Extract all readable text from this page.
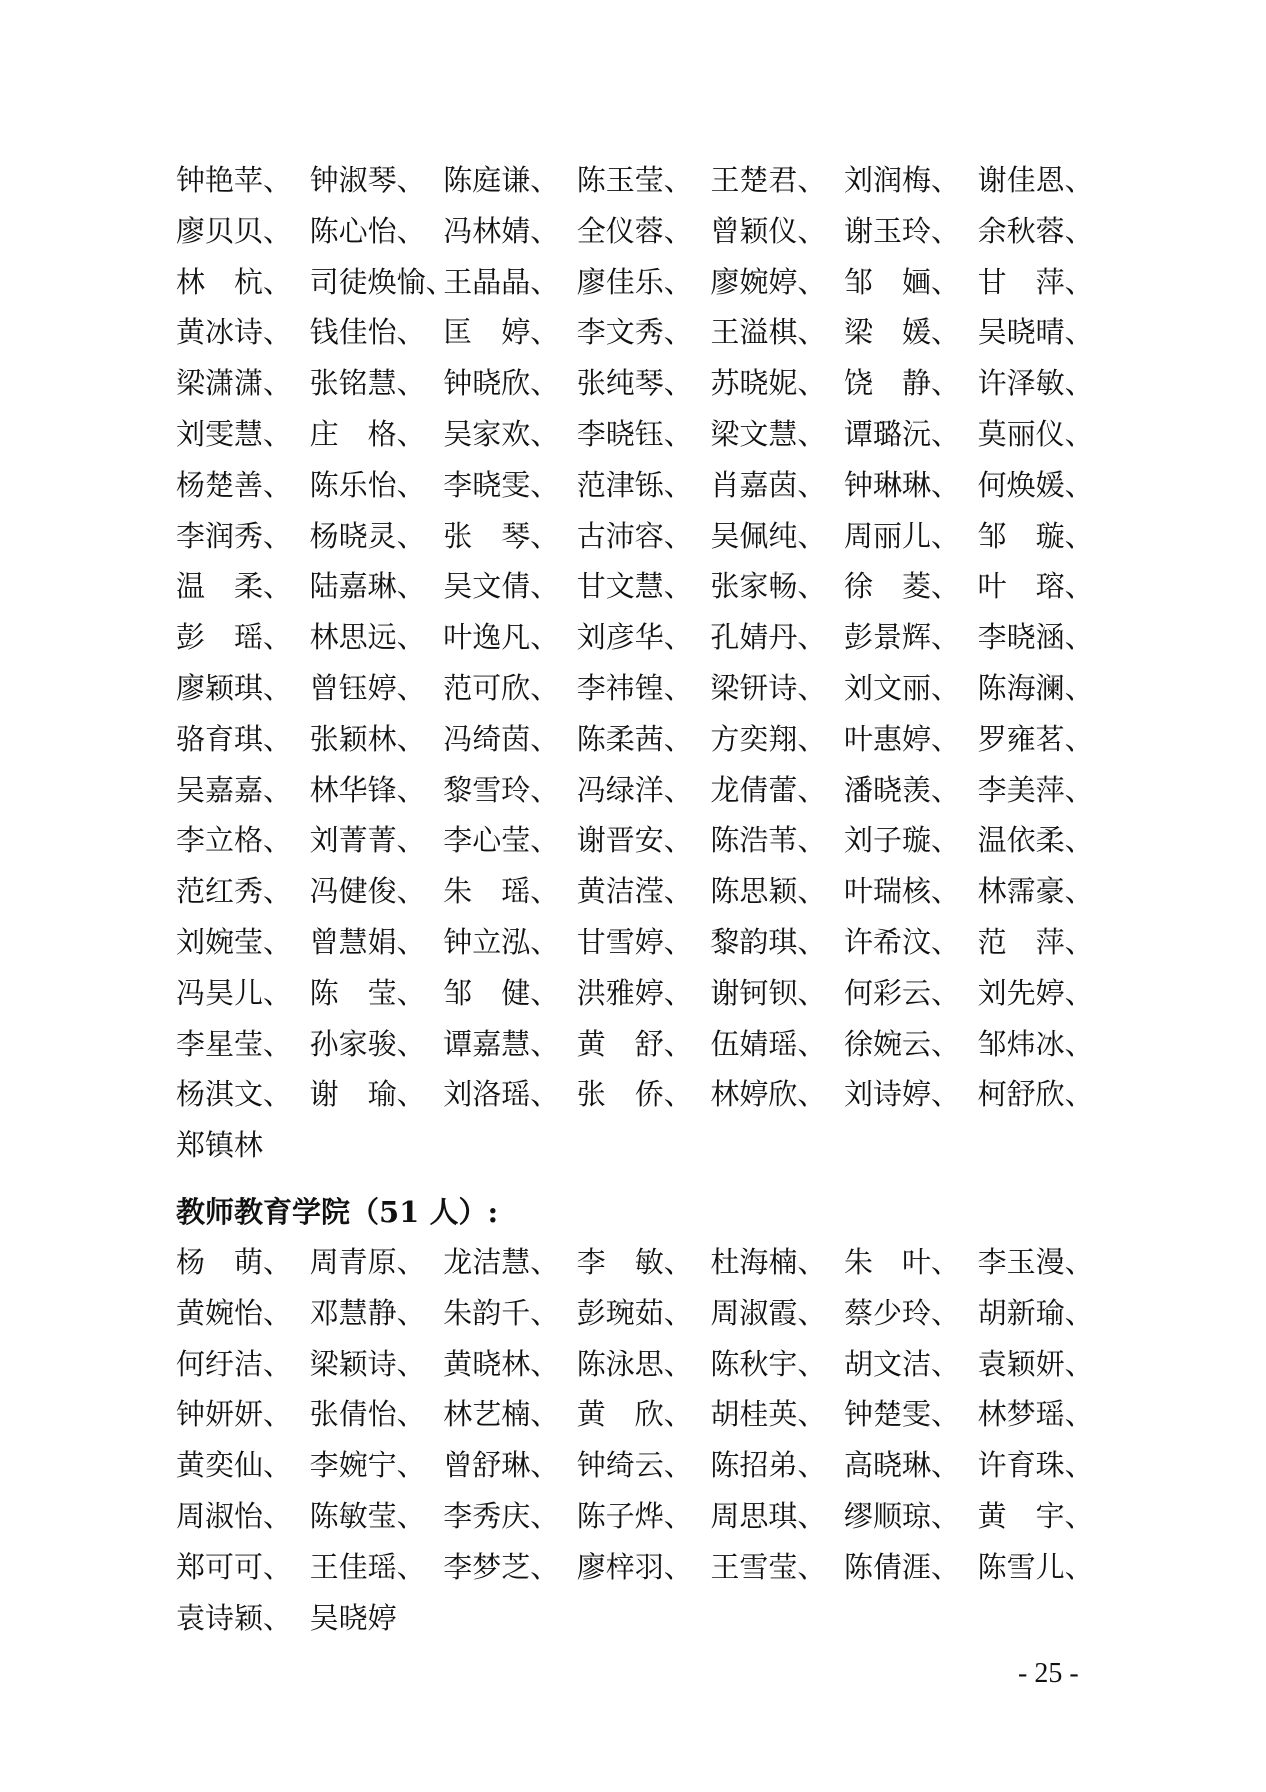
钟艳苹、 钟淑琴、 陈庭谦、 陈玉莹、 王楚君、 刘润梅、 谢佳恩、
廖贝贝、 陈心怡、 冯林婧、 全仪蓉、 曾颖仪、 谢玉玲、 余秋蓉、
林　杭、 司徒焕愉、王晶晶、 廖佳乐、 廖婉婷、 邹　婳、 甘　萍、
黄冰诗、 钱佳怡、 匡　婷、 李文秀、 王溢棋、 梁　媛、 吴晓晴、
梁潇潇、 张铭慧、 钟晓欣、 张纯琴、 苏晓妮、 饶　静、 许泽敏、
刘雯慧、 庄　格、 吴家欢、 李晓钰、 梁文慧、 谭璐沅、 莫丽仪、
杨楚善、 陈乐怡、 李晓雯、 范津铄、 肖嘉茵、 钟琳琳、 何焕媛、
李润秀、 杨晓灵、 张　琴、 古沛容、 吴佩纯、 周丽儿、 邹　璇、
温　柔、 陆嘉琳、 吴文倩、 甘文慧、 张家畅、 徐　菱、 叶　瑢、
彭　瑶、 林思远、 叶逸凡、 刘彦华、 孔婧丹、 彭景辉、 李晓涵、
廖颖琪、 曾钰婷、 范可欣、 李祎锽、 梁钘诗、 刘文丽、 陈海澜、
骆育琪、 张颖林、 冯绮茵、 陈柔茜、 方奕翔、 叶惠婷、 罗雍茗、
吴嘉嘉、 林华锋、 黎雪玲、 冯绿洋、 龙倩蕾、 潘晓羡、 李美萍、
李立格、 刘菁菁、 李心莹、 谢晋安、 陈浩苇、 刘子璇、 温依柔、
范红秀、 冯健俊、 朱　瑶、 黄洁滢、 陈思颖、 叶瑞核、 林霈豪、
刘婉莹、 曾慧娟、 钟立泓、 甘雪婷、 黎韵琪、 许希汶、 范　萍、
冯昊儿、 陈　莹、 邹　健、 洪雅婷、 谢钶钡、 何彩云、 刘先婷、
李星莹、 孙家骏、 谭嘉慧、 黄　舒、 伍婧瑶、 徐婉云、 邹炜冰、
杨淇文、 谢　瑜、 刘洛瑶、 张　侨、 林婷欣、 刘诗婷、 柯舒欣、
郑镇林
教师教育学院（51 人）:
杨　萌、 周青原、 龙洁慧、 李　敏、 杜海楠、 朱　叶、 李玉漫、
黄婉怡、 邓慧静、 朱韵千、 彭琬茹、 周淑霞、 蔡少玲、 胡新瑜、
何纡洁、 梁颖诗、 黄晓林、 陈泳思、 陈秋宇、 胡文洁、 袁颖妍、
钟妍妍、 张倩怡、 林艺楠、 黄　欣、 胡桂英、 钟楚雯、 林梦瑶、
黄奕仙、 李婉宁、 曾舒琳、 钟绮云、 陈招弟、 高晓琳、 许育珠、
周淑怡、 陈敏莹、 李秀庆、 陈子烨、 周思琪、 缪顺琼、 黄　宇、
郑可可、 王佳瑶、 李梦芝、 廖梓羽、 王雪莹、 陈倩涯、 陈雪儿、
袁诗颖、 吴晓婷
- 25 -
